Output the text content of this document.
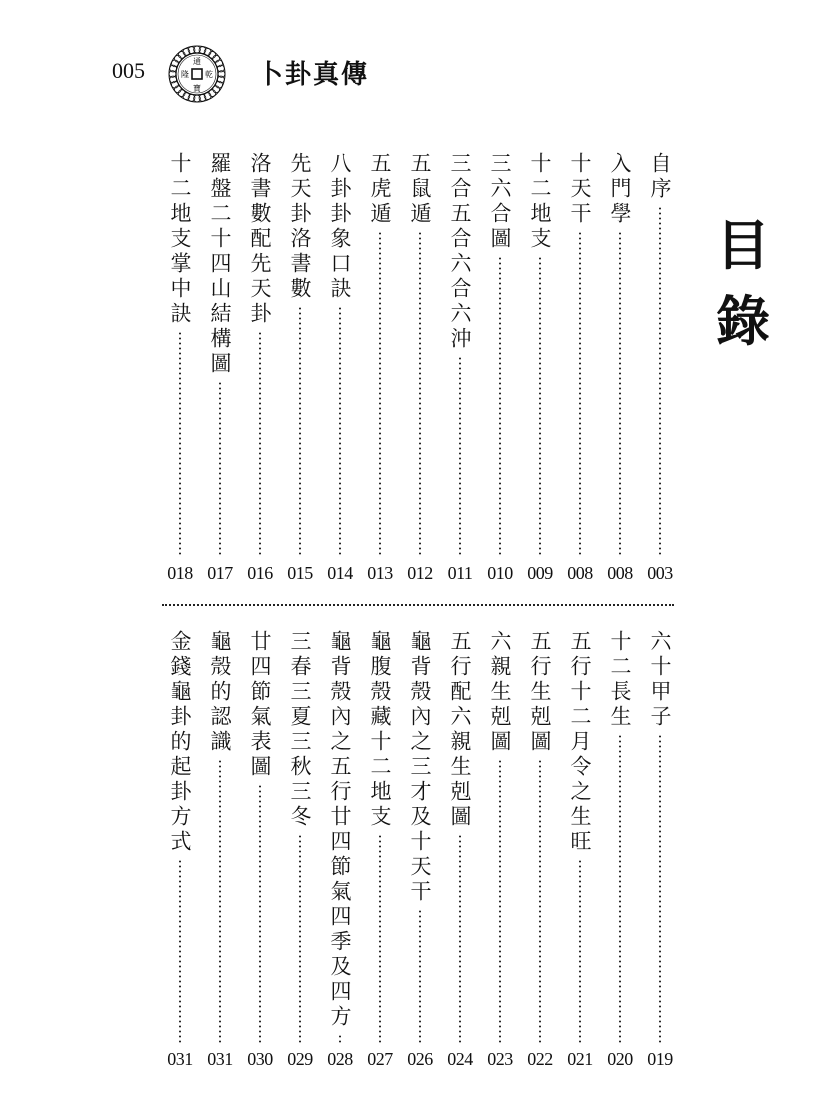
005	通
寶
乾
隆	卜卦真傳
目
錄
自序
003
入門學
008
十天干
008
十二地支
009
三六合圖
010
三合五合六合六沖
011
五鼠遁
012
五虎遁
013
八卦卦象口訣
014
先天卦洛書數
015
洛書數配先天卦
016
羅盤二十四山結構圖
017
十二地支掌中訣
018
六十甲子
019
十二長生
020
五行十二月令之生旺
021
五行生剋圖
022
六親生剋圖
023
五行配六親生剋圖
024
龜背殼內之三才及十天干
026
龜腹殼藏十二地支
027
龜背殼內之五行廿四節氣四季及四方
028
三春三夏三秋三冬
029
廿四節氣表圖
030
龜殼的認識
031
金錢龜卦的起卦方式
031
